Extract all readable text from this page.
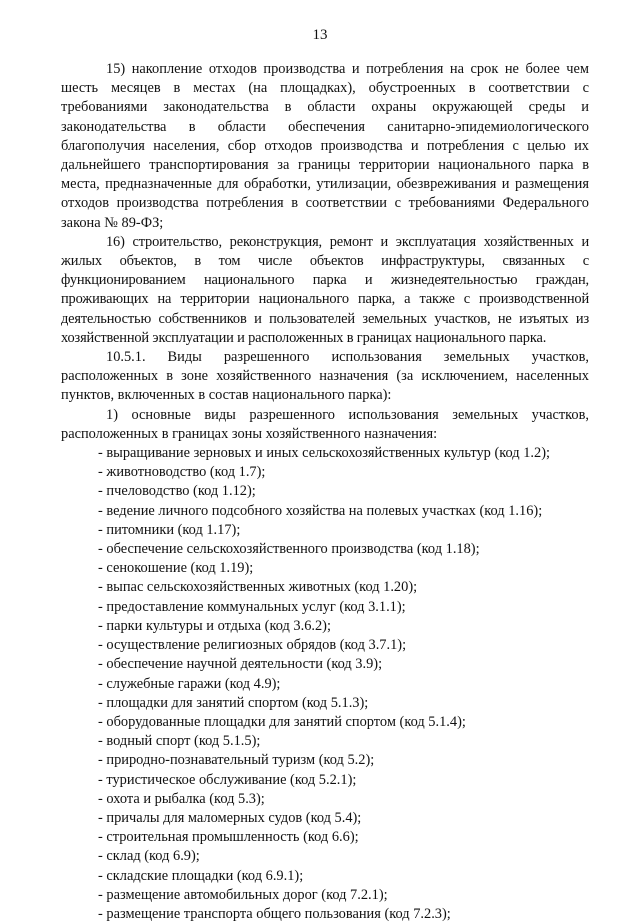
13

15) накопление отходов производства и потребления на срок не более чем шесть месяцев в местах (на площадках), обустроенных в соответствии с требованиями законодательства в области охраны окружающей среды и законодательства в области обеспечения санитарно-эпидемиологического благополучия населения, сбор отходов производства и потребления с целью их дальнейшего транспортирования за границы территории национального парка в места, предназначенные для обработки, утилизации, обезвреживания и размещения отходов производства потребления в соответствии с требованиями Федерального закона № 89-ФЗ;

16) строительство, реконструкция, ремонт и эксплуатация хозяйственных и жилых объектов, в том числе объектов инфраструктуры, связанных с функционированием национального парка и жизнедеятельностью граждан, проживающих на территории национального парка, а также с производственной деятельностью собственников и пользователей земельных участков, не изъятых из хозяйственной эксплуатации и расположенных в границах национального парка.

10.5.1. Виды разрешенного использования земельных участков, расположенных в зоне хозяйственного назначения (за исключением, населенных пунктов, включенных в состав национального парка):

1) основные виды разрешенного использования земельных участков, расположенных в границах зоны хозяйственного назначения:

- выращивание зерновых и иных сельскохозяйственных культур (код 1.2);

- животноводство (код 1.7);

- пчеловодство (код 1.12);

- ведение личного подсобного хозяйства на полевых участках (код 1.16);

- питомники (код 1.17);

- обеспечение сельскохозяйственного производства (код 1.18);

- сенокошение (код 1.19);

- выпас сельскохозяйственных животных (код 1.20);

- предоставление коммунальных услуг (код 3.1.1);

- парки культуры и отдыха (код 3.6.2);

- осуществление религиозных обрядов (код 3.7.1);

- обеспечение научной деятельности (код 3.9);

- служебные гаражи (код 4.9);

- площадки для занятий спортом (код 5.1.3);

- оборудованные площадки для занятий спортом (код 5.1.4);

- водный спорт (код 5.1.5);

- природно-познавательный туризм (код 5.2);

- туристическое обслуживание (код 5.2.1);

- охота и рыбалка (код 5.3);

- причалы для маломерных судов (код 5.4);

- строительная промышленность (код 6.6);

- склад (код 6.9);

- складские площадки (код 6.9.1);

- размещение автомобильных дорог (код 7.2.1);

- размещение транспорта общего пользования (код 7.2.3);
